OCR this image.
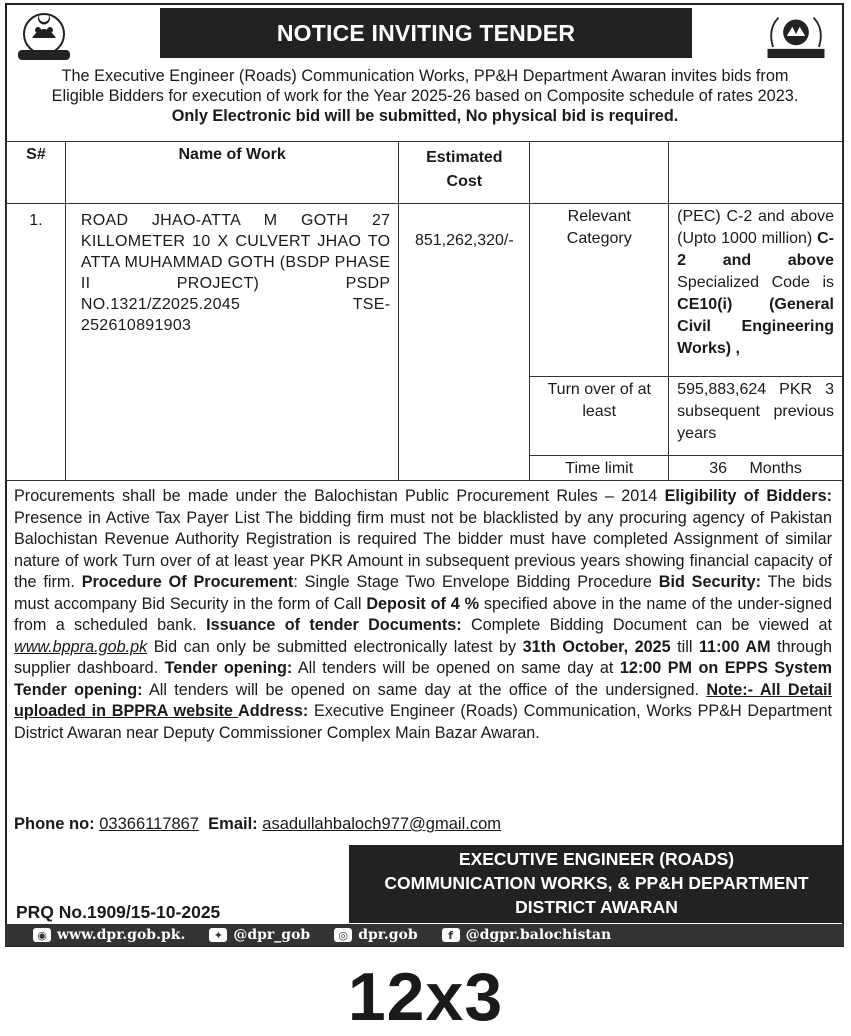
NOTICE INVITING TENDER
The Executive Engineer (Roads) Communication Works, PP&H Department Awaran invites bids from
Eligible Bidders for execution of work for the Year 2025-26 based on Composite schedule of rates 2023.
Only Electronic bid will be submitted, No physical bid is required.
S#	Name of Work	Estimated Cost		
1.	ROAD JHAO-ATTA M GOTH 27 KILLOMETER 10 X CULVERT JHAO TO ATTA MUHAMMAD GOTH (BSDP PHASE II PROJECT) PSDP NO.1321/Z2025.2045 TSE-252610891903	851,262,320/-	Relevant Category	(PEC) C-2 and above (Upto 1000 million) C-2 and above Specialized Code is CE10(i) (General Civil Engineering Works) ,

			Turn over of at least	595,883,624 PKR 3 subsequent previous years
			Time limit	36 Months
Procurements shall be made under the Balochistan Public Procurement Rules – 2014 Eligibility of Bidders: Presence in Active Tax Payer List The bidding firm must not be blacklisted by any procuring agency of Pakistan Balochistan Revenue Authority Registration is required The bidder must have completed Assignment of similar nature of work Turn over of at least year PKR Amount in subsequent previous years showing financial capacity of the firm. Procedure Of Procurement: Single Stage Two Envelope Bidding Procedure Bid Security: The bids must accompany Bid Security in the form of Call Deposit of 4 % specified above in the name of the under-signed from a scheduled bank. Issuance of tender Documents: Complete Bidding Document can be viewed at www.bppra.gob.pk Bid can only be submitted electronically latest by 31th October, 2025 till 11:00 AM through supplier dashboard. Tender opening: All tenders will be opened on same day at 12:00 PM on EPPS System Tender opening: All tenders will be opened on same day at the office of the undersigned. Note:- All Detail uploaded in BPPRA website Address: Executive Engineer (Roads) Communication, Works PP&H Department District Awaran near Deputy Commissioner Complex Main Bazar Awaran.
Phone no: 03366117867 Email: asadullahbaloch977@gmail.com
EXECUTIVE ENGINEER (ROADS)
COMMUNICATION WORKS, & PP&H DEPARTMENT
DISTRICT AWARAN
PRQ No.1909/15-10-2025
◉ www.dpr.gob.pk.	✦ @dpr_gob	◎ dpr.gob	f @dgpr.balochistan
12x3
